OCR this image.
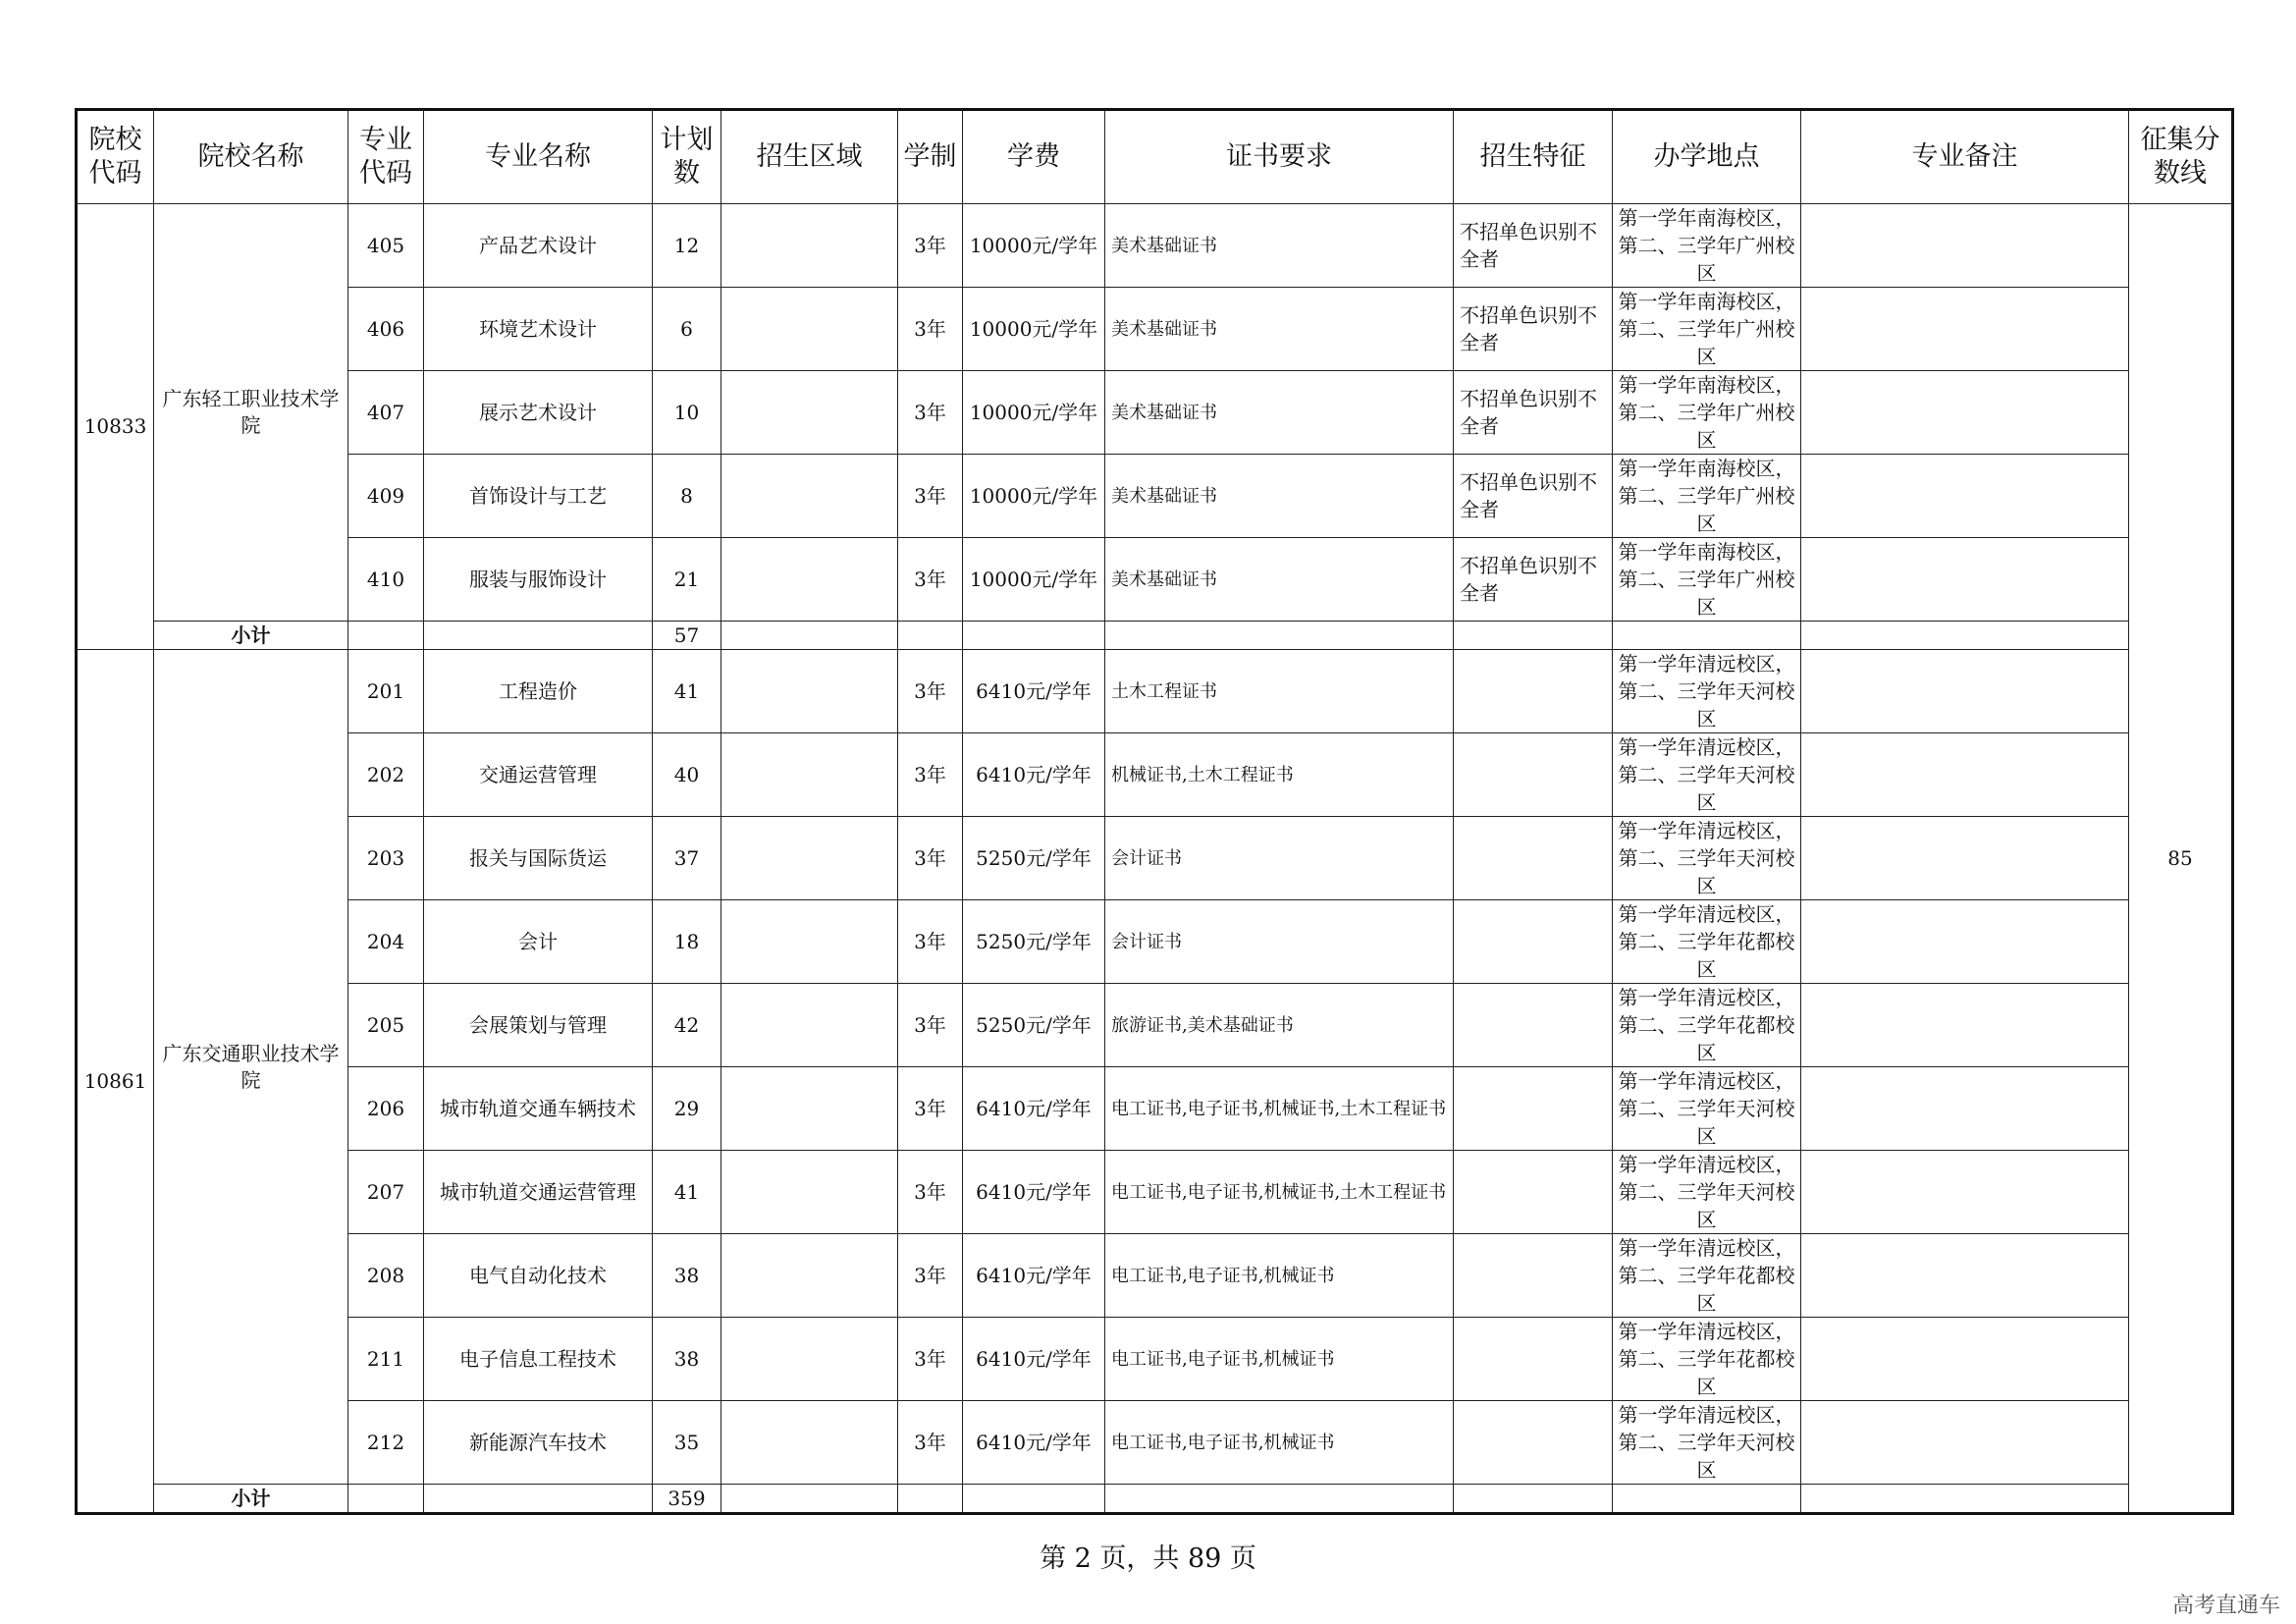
院校代码	院校名称	专业代码	专业名称	计划数	招生区域	学制	学费	证书要求	招生特征	办学地点	专业备注	征集分数线
10833	广东轻工职业技术学院	405	产品艺术设计	12		3年	10000元/学年	美术基础证书	不招单色识别不全者	第一学年南海校区，第二、三学年广州校区		85
		406	环境艺术设计	6		3年	10000元/学年	美术基础证书	不招单色识别不全者	第一学年南海校区，第二、三学年广州校区		
		407	展示艺术设计	10		3年	10000元/学年	美术基础证书	不招单色识别不全者	第一学年南海校区，第二、三学年广州校区		
		409	首饰设计与工艺	8		3年	10000元/学年	美术基础证书	不招单色识别不全者	第一学年南海校区，第二、三学年广州校区		
		410	服装与服饰设计	21		3年	10000元/学年	美术基础证书	不招单色识别不全者	第一学年南海校区，第二、三学年广州校区		
	小计			57								
10861	广东交通职业技术学院	201	工程造价	41		3年	6410元/学年	土木工程证书		第一学年清远校区，第二、三学年天河校区		
		202	交通运营管理	40		3年	6410元/学年	机械证书,土木工程证书		第一学年清远校区，第二、三学年天河校区		
		203	报关与国际货运	37		3年	5250元/学年	会计证书		第一学年清远校区，第二、三学年天河校区		
		204	会计	18		3年	5250元/学年	会计证书		第一学年清远校区，第二、三学年花都校区		
		205	会展策划与管理	42		3年	5250元/学年	旅游证书,美术基础证书		第一学年清远校区，第二、三学年花都校区		
		206	城市轨道交通车辆技术	29		3年	6410元/学年	电工证书,电子证书,机械证书,土木工程证书		第一学年清远校区，第二、三学年天河校区		
		207	城市轨道交通运营管理	41		3年	6410元/学年	电工证书,电子证书,机械证书,土木工程证书		第一学年清远校区，第二、三学年天河校区		
		208	电气自动化技术	38		3年	6410元/学年	电工证书,电子证书,机械证书		第一学年清远校区，第二、三学年花都校区		
		211	电子信息工程技术	38		3年	6410元/学年	电工证书,电子证书,机械证书		第一学年清远校区，第二、三学年花都校区		
		212	新能源汽车技术	35		3年	6410元/学年	电工证书,电子证书,机械证书		第一学年清远校区，第二、三学年天河校区		
	小计			359								
第 2 页，共 89 页
高考直通车
